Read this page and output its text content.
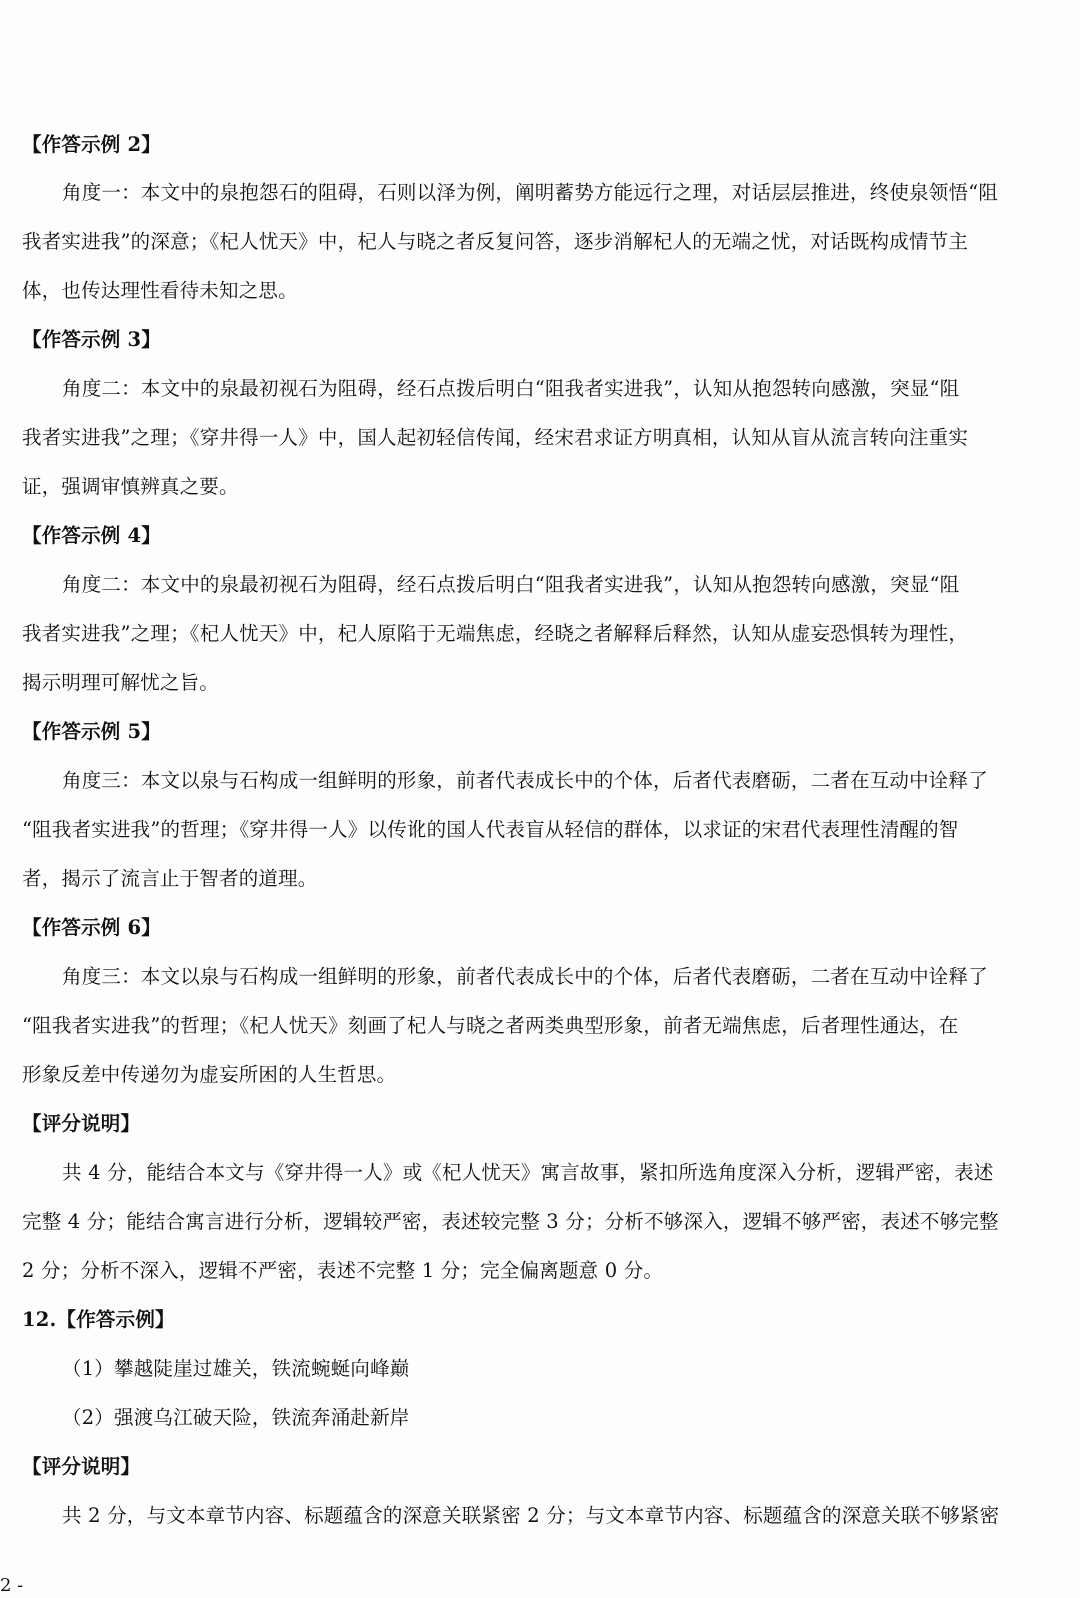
【作答示例 2】
角度一：本文中的泉抱怨石的阻碍，石则以泽为例，阐明蓄势方能远行之理，对话层层推进，终使泉领悟“阻
我者实进我”的深意；《杞人忧天》中，杞人与晓之者反复问答，逐步消解杞人的无端之忧，对话既构成情节主
体，也传达理性看待未知之思。
【作答示例 3】
角度二：本文中的泉最初视石为阻碍，经石点拨后明白“阻我者实进我”，认知从抱怨转向感激，突显“阻
我者实进我”之理；《穿井得一人》中，国人起初轻信传闻，经宋君求证方明真相，认知从盲从流言转向注重实
证，强调审慎辨真之要。
【作答示例 4】
角度二：本文中的泉最初视石为阻碍，经石点拨后明白“阻我者实进我”，认知从抱怨转向感激，突显“阻
我者实进我”之理；《杞人忧天》中，杞人原陷于无端焦虑，经晓之者解释后释然，认知从虚妄恐惧转为理性，
揭示明理可解忧之旨。
【作答示例 5】
角度三：本文以泉与石构成一组鲜明的形象，前者代表成长中的个体，后者代表磨砺，二者在互动中诠释了
“阻我者实进我”的哲理；《穿井得一人》以传讹的国人代表盲从轻信的群体，以求证的宋君代表理性清醒的智
者，揭示了流言止于智者的道理。
【作答示例 6】
角度三：本文以泉与石构成一组鲜明的形象，前者代表成长中的个体，后者代表磨砺，二者在互动中诠释了
“阻我者实进我”的哲理；《杞人忧天》刻画了杞人与晓之者两类典型形象，前者无端焦虑，后者理性通达，在
形象反差中传递勿为虚妄所困的人生哲思。
【评分说明】
共 4 分，能结合本文与《穿井得一人》或《杞人忧天》寓言故事，紧扣所选角度深入分析，逻辑严密，表述
完整 4 分；能结合寓言进行分析，逻辑较严密，表述较完整 3 分；分析不够深入，逻辑不够严密，表述不够完整
2 分；分析不深入，逻辑不严密，表述不完整 1 分；完全偏离题意 0 分。
12.【作答示例】
（1）攀越陡崖过雄关，铁流蜿蜒向峰巅
（2）强渡乌江破天险，铁流奔涌赴新岸
【评分说明】
共 2 分，与文本章节内容、标题蕴含的深意关联紧密 2 分；与文本章节内容、标题蕴含的深意关联不够紧密
2 -
